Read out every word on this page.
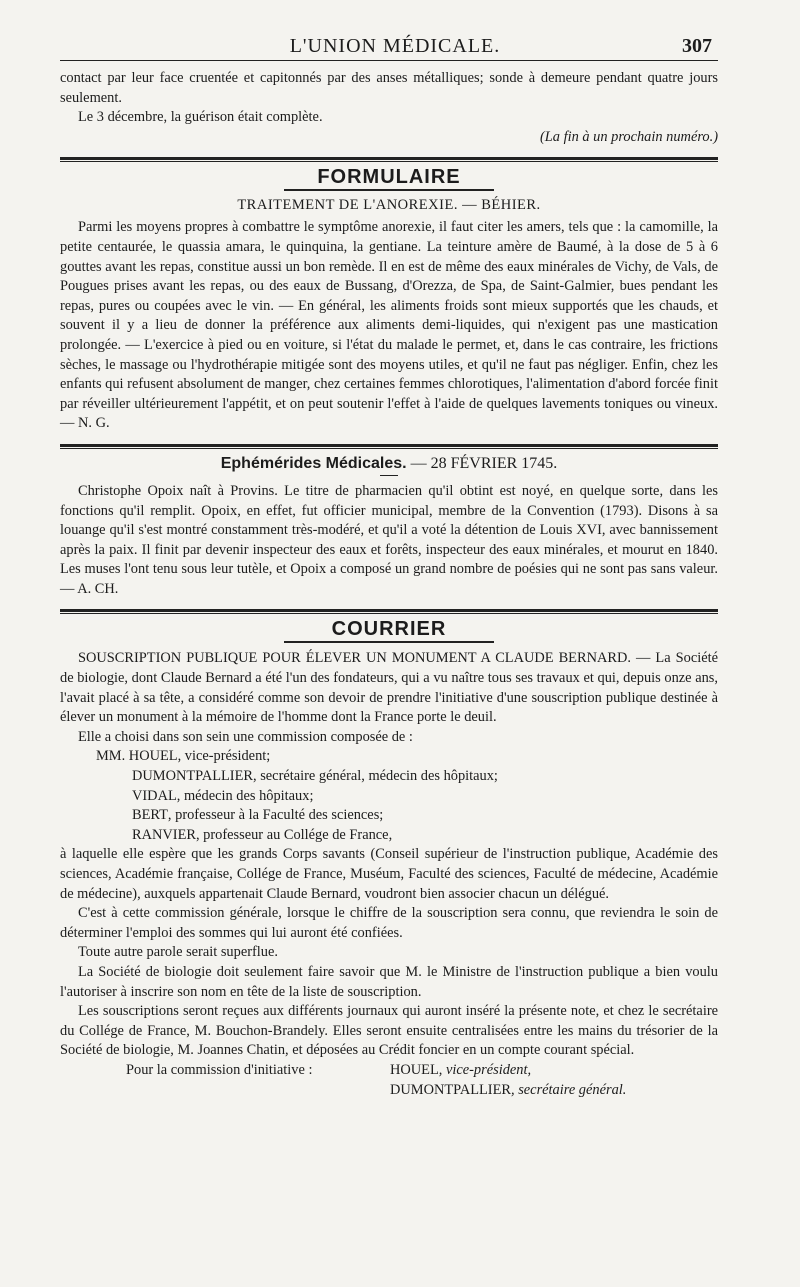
L'UNION MÉDICALE.	307

contact par leur face cruentée et capitonnés par des anses métalliques; sonde à demeure pendant quatre jours seulement.

Le 3 décembre, la guérison était complète.

(La fin à un prochain numéro.)

FORMULAIRE
TRAITEMENT DE L'ANOREXIE. — BÉHIER.

Parmi les moyens propres à combattre le symptôme anorexie, il faut citer les amers, tels que : la camomille, la petite centaurée, le quassia amara, le quinquina, la gentiane. La teinture amère de Baumé, à la dose de 5 à 6 gouttes avant les repas, constitue aussi un bon remède. Il en est de même des eaux minérales de Vichy, de Vals, de Pougues prises avant les repas, ou des eaux de Bussang, d'Orezza, de Spa, de Saint-Galmier, bues pendant les repas, pures ou coupées avec le vin. — En général, les aliments froids sont mieux supportés que les chauds, et souvent il y a lieu de donner la préférence aux aliments demi-liquides, qui n'exigent pas une mastication prolongée. — L'exercice à pied ou en voiture, si l'état du malade le permet, et, dans le cas contraire, les frictions sèches, le massage ou l'hydrothérapie mitigée sont des moyens utiles, et qu'il ne faut pas négliger. Enfin, chez les enfants qui refusent absolument de manger, chez certaines femmes chlorotiques, l'alimentation d'abord forcée finit par réveiller ultérieurement l'appétit, et on peut soutenir l'effet à l'aide de quelques lavements toniques ou vineux. — N. G.

Ephémérides Médicales. — 28 FÉVRIER 1745.

Christophe Opoix naît à Provins. Le titre de pharmacien qu'il obtint est noyé, en quelque sorte, dans les fonctions qu'il remplit. Opoix, en effet, fut officier municipal, membre de la Convention (1793). Disons à sa louange qu'il s'est montré constamment très-modéré, et qu'il a voté la détention de Louis XVI, avec bannissement après la paix. Il finit par devenir inspecteur des eaux et forêts, inspecteur des eaux minérales, et mourut en 1840. Les muses l'ont tenu sous leur tutèle, et Opoix a composé un grand nombre de poésies qui ne sont pas sans valeur. — A. CH.

COURRIER

SOUSCRIPTION PUBLIQUE POUR ÉLEVER UN MONUMENT A CLAUDE BERNARD. — La Société de biologie, dont Claude Bernard a été l'un des fondateurs, qui a vu naître tous ses travaux et qui, depuis onze ans, l'avait placé à sa tête, a considéré comme son devoir de prendre l'initiative d'une souscription publique destinée à élever un monument à la mémoire de l'homme dont la France porte le deuil.

Elle a choisi dans son sein une commission composée de :

MM. HOUEL, vice-président;
DUMONTPALLIER, secrétaire général, médecin des hôpitaux;
VIDAL, médecin des hôpitaux;
BERT, professeur à la Faculté des sciences;
RANVIER, professeur au Collége de France,

à laquelle elle espère que les grands Corps savants (Conseil supérieur de l'instruction publique, Académie des sciences, Académie française, Collége de France, Muséum, Faculté des sciences, Faculté de médecine, Académie de médecine), auxquels appartenait Claude Bernard, voudront bien associer chacun un délégué.

C'est à cette commission générale, lorsque le chiffre de la souscription sera connu, que reviendra le soin de déterminer l'emploi des sommes qui lui auront été confiées.

Toute autre parole serait superflue.

La Société de biologie doit seulement faire savoir que M. le Ministre de l'instruction publique a bien voulu l'autoriser à inscrire son nom en tête de la liste de souscription.

Les souscriptions seront reçues aux différents journaux qui auront inséré la présente note, et chez le secrétaire du Collége de France, M. Bouchon-Brandely. Elles seront ensuite centralisées entre les mains du trésorier de la Société de biologie, M. Joannes Chatin, et déposées au Crédit foncier en un compte courant spécial.

Pour la commission d'initiative :	HOUEL, vice-président,
DUMONTPALLIER, secrétaire général.
